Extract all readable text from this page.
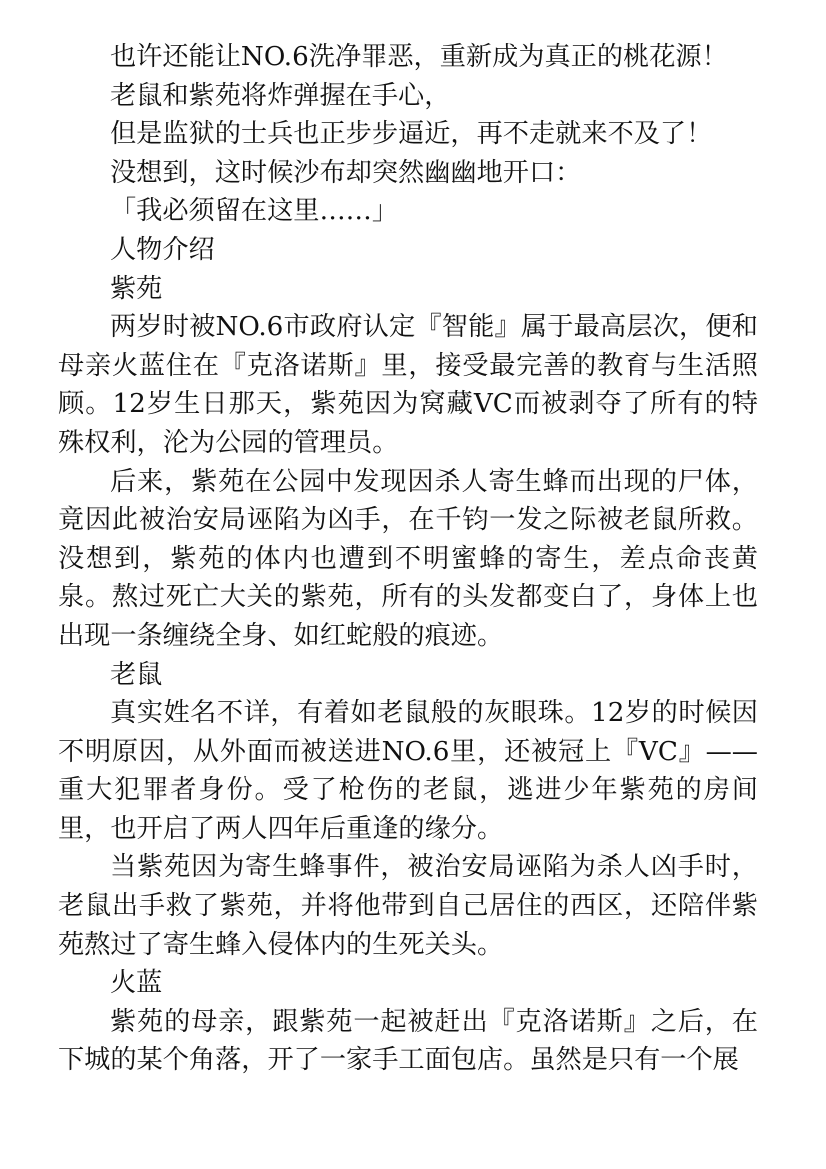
也许还能让NO.6洗净罪恶，重新成为真正的桃花源！

老鼠和紫苑将炸弹握在手心，

但是监狱的士兵也正步步逼近，再不走就来不及了！

没想到，这时候沙布却突然幽幽地开口：

「我必须留在这里……」

人物介绍

紫苑

两岁时被NO.6市政府认定『智能』属于最高层次，便和母亲火蓝住在『克洛诺斯』里，接受最完善的教育与生活照顾。12岁生日那天，紫苑因为窝藏VC而被剥夺了所有的特殊权利，沦为公园的管理员。

后来，紫苑在公园中发现因杀人寄生蜂而出现的尸体，竟因此被治安局诬陷为凶手，在千钧一发之际被老鼠所救。没想到，紫苑的体内也遭到不明蜜蜂的寄生，差点命丧黄泉。熬过死亡大关的紫苑，所有的头发都变白了，身体上也出现一条缠绕全身、如红蛇般的痕迹。

老鼠

真实姓名不详，有着如老鼠般的灰眼珠。12岁的时候因不明原因，从外面而被送进NO.6里，还被冠上『VC』——重大犯罪者身份。受了枪伤的老鼠，逃进少年紫苑的房间里，也开启了两人四年后重逢的缘分。

当紫苑因为寄生蜂事件，被治安局诬陷为杀人凶手时，老鼠出手救了紫苑，并将他带到自己居住的西区，还陪伴紫苑熬过了寄生蜂入侵体内的生死关头。

火蓝

紫苑的母亲，跟紫苑一起被赶出『克洛诺斯』之后，在下城的某个角落，开了一家手工面包店。虽然是只有一个展
